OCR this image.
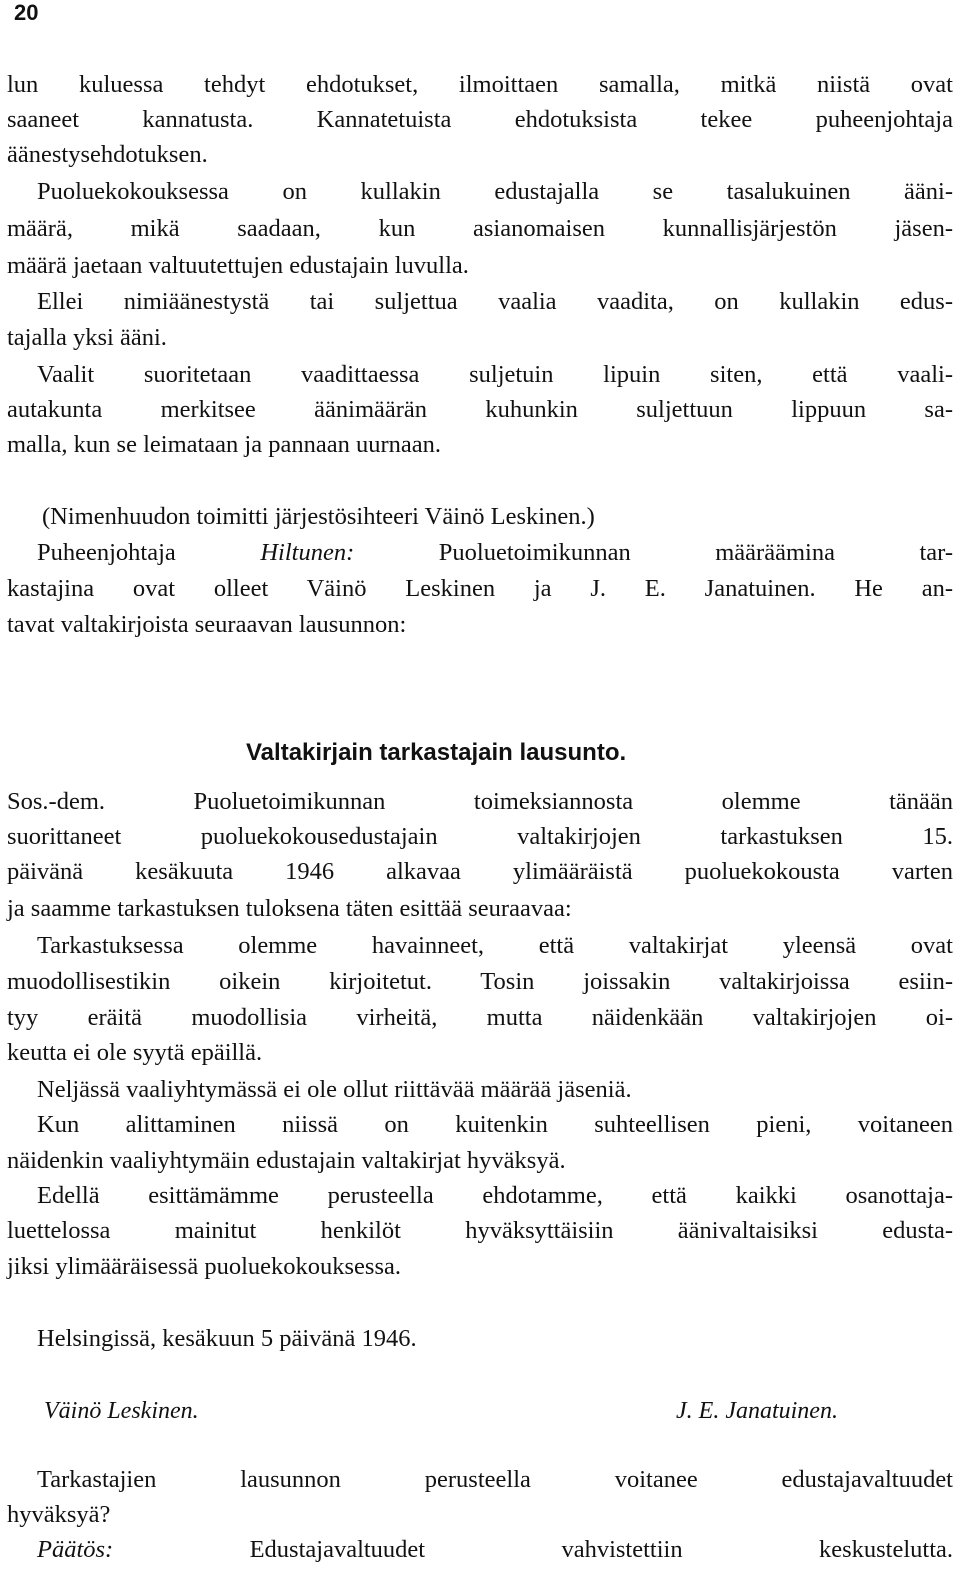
20
lun kuluessa tehdyt ehdotukset, ilmoittaen samalla, mitkä niistä ovat
saaneet kannatusta. Kannatetuista ehdotuksista tekee puheenjohtaja
äänestysehdotuksen.
Puoluekokouksessa on kullakin edustajalla se tasalukuinen ääni-
määrä, mikä saadaan, kun asianomaisen kunnallisjärjestön jäsen-
määrä jaetaan valtuutettujen edustajain luvulla.
Ellei nimiäänestystä tai suljettua vaalia vaadita, on kullakin edus-
tajalla yksi ääni.
Vaalit suoritetaan vaadittaessa suljetuin lipuin siten, että vaali-
autakunta merkitsee äänimäärän kuhunkin suljettuun lippuun sa-
malla, kun se leimataan ja pannaan uurnaan.
(Nimenhuudon toimitti järjestösihteeri Väinö Leskinen.)
Puheenjohtaja	Hiltunen:	Puoluetoimikunnan määräämina tar-
kastajina ovat olleet Väinö Leskinen ja J. E. Janatuinen. He an-
tavat valtakirjoista seuraavan lausunnon:
Valtakirjain tarkastajain lausunto.
Sos.-dem. Puoluetoimikunnan toimeksiannosta olemme tänään
suorittaneet puoluekokousedustajain valtakirjojen tarkastuksen 15.
päivänä kesäkuuta 1946 alkavaa ylimääräistä puoluekokousta varten
ja saamme tarkastuksen tuloksena täten esittää seuraavaa:
Tarkastuksessa olemme havainneet, että valtakirjat yleensä ovat
muodollisestikin oikein kirjoitetut. Tosin joissakin valtakirjoissa esiin-
tyy eräitä muodollisia virheitä, mutta näidenkään valtakirjojen oi-
keutta ei ole syytä epäillä.
Neljässä vaaliyhtymässä ei ole ollut riittävää määrää jäseniä.
Kun alittaminen niissä on kuitenkin suhteellisen pieni, voitaneen
näidenkin vaaliyhtymäin edustajain valtakirjat hyväksyä.
Edellä esittämämme perusteella ehdotamme, että kaikki osanottaja-
luettelossa mainitut henkilöt hyväksyttäisiin äänivaltaisiksi edusta-
jiksi ylimääräisessä puoluekokouksessa.
Helsingissä, kesäkuun 5 päivänä 1946.
Väinö Leskinen.	J. E. Janatuinen.
Tarkastajien lausunnon perusteella voitanee edustajavaltuudet
hyväksyä?
Päätös:	Edustajavaltuudet vahvistettiin keskustelutta.
